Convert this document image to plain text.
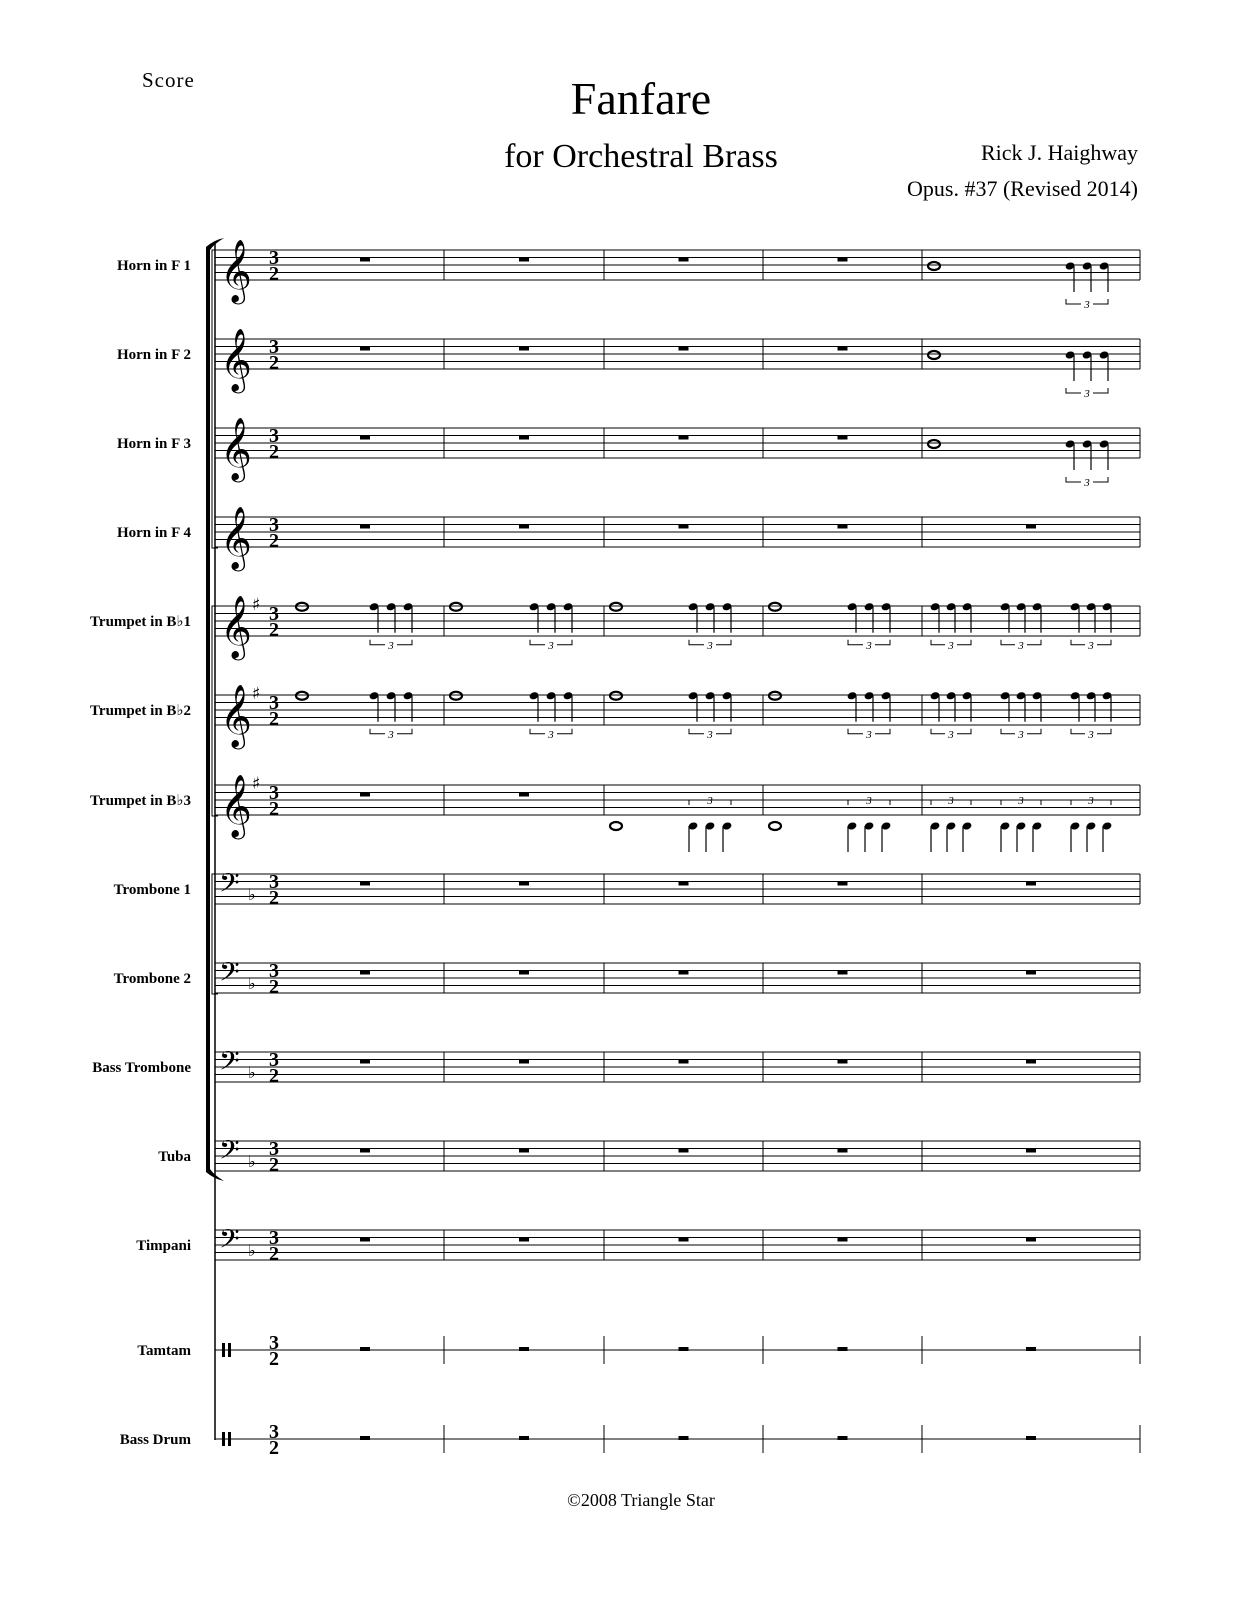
Score	Fanfare
for Orchestral Brass	Rick J. Haighway
Opus. #37 (Revised 2014)
Horn in F 1 𝄞 3
2
3
Horn in F 2 𝄞 3
2
3
Horn in F 3 𝄞 3
2
3
Horn in F 4 𝄞 3
2
Trumpet in B♭1 𝄞 ♯ 3
2
3	3	3	3	3	3	3
Trumpet in B♭2 𝄞 ♯ 3
2
3	3	3	3	3	3	3
Trumpet in B♭3 𝄞 ♯ 3
2	3	3	3	3	3
Trombone 1 𝄢 ♭
3
2
Trombone 2 𝄢 ♭
3
2
Bass Trombone 𝄢 ♭
3
2
Tuba 𝄢 ♭
3
2
Timpani 𝄢 ♭
3
2
Tamtam	3
2
Bass Drum	3
2
©2008 Triangle Star
